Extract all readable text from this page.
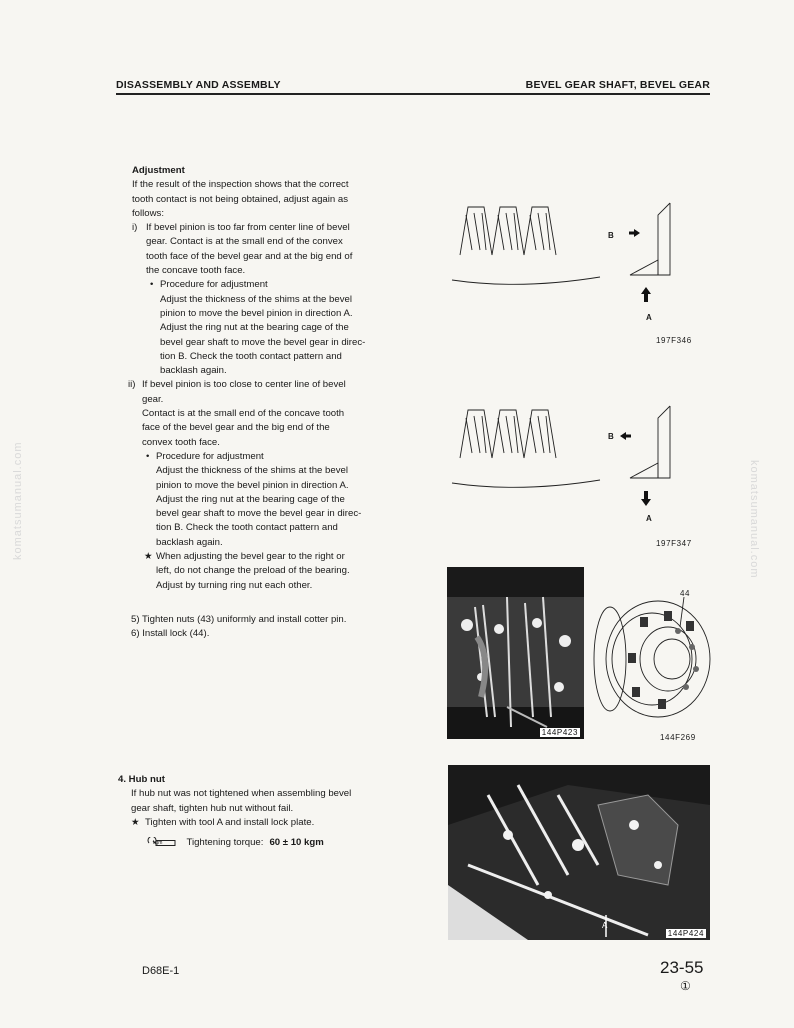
DISASSEMBLY AND ASSEMBLY	BEVEL GEAR SHAFT, BEVEL GEAR
komatsumanual.com	komatsumanual.com
Adjustment
If the result of the inspection shows that the correct
tooth contact is not being obtained, adjust again as
follows:
i) If bevel pinion is too far from center line of bevel
gear. Contact is at the small end of the convex
tooth face of the bevel gear and at the big end of
the concave tooth face.
• Procedure for adjustment
Adjust the thickness of the shims at the bevel
pinion to move the bevel pinion in direction A.
Adjust the ring nut at the bearing cage of the
bevel gear shaft to move the bevel gear in direc-
tion B. Check the tooth contact pattern and
backlash again.
ii) If bevel pinion is too close to center line of bevel
gear.
Contact is at the small end of the concave tooth
face of the bevel gear and the big end of the
convex tooth face.
• Procedure for adjustment
Adjust the thickness of the shims at the bevel
pinion to move the bevel pinion in direction A.
Adjust the ring nut at the bearing cage of the
bevel gear shaft to move the bevel gear in direc-
tion B. Check the tooth contact pattern and
backlash again.
★ When adjusting the bevel gear to the right or
left, do not change the preload of the bearing.
Adjust by turning ring nut each other.
5) Tighten nuts (43) uniformly and install cotter pin.
6) Install lock (44).
4. Hub nut
If hub nut was not tightened when assembling bevel
gear shaft, tighten hub nut without fail.
★ Tighten with tool A and install lock plate.
kgm	Tightening torque: 60 ± 10 kgm
B
A
197F346
B
A
197F347
144P423
44
144F269
A
144P424
D68E-1	23-55
①
